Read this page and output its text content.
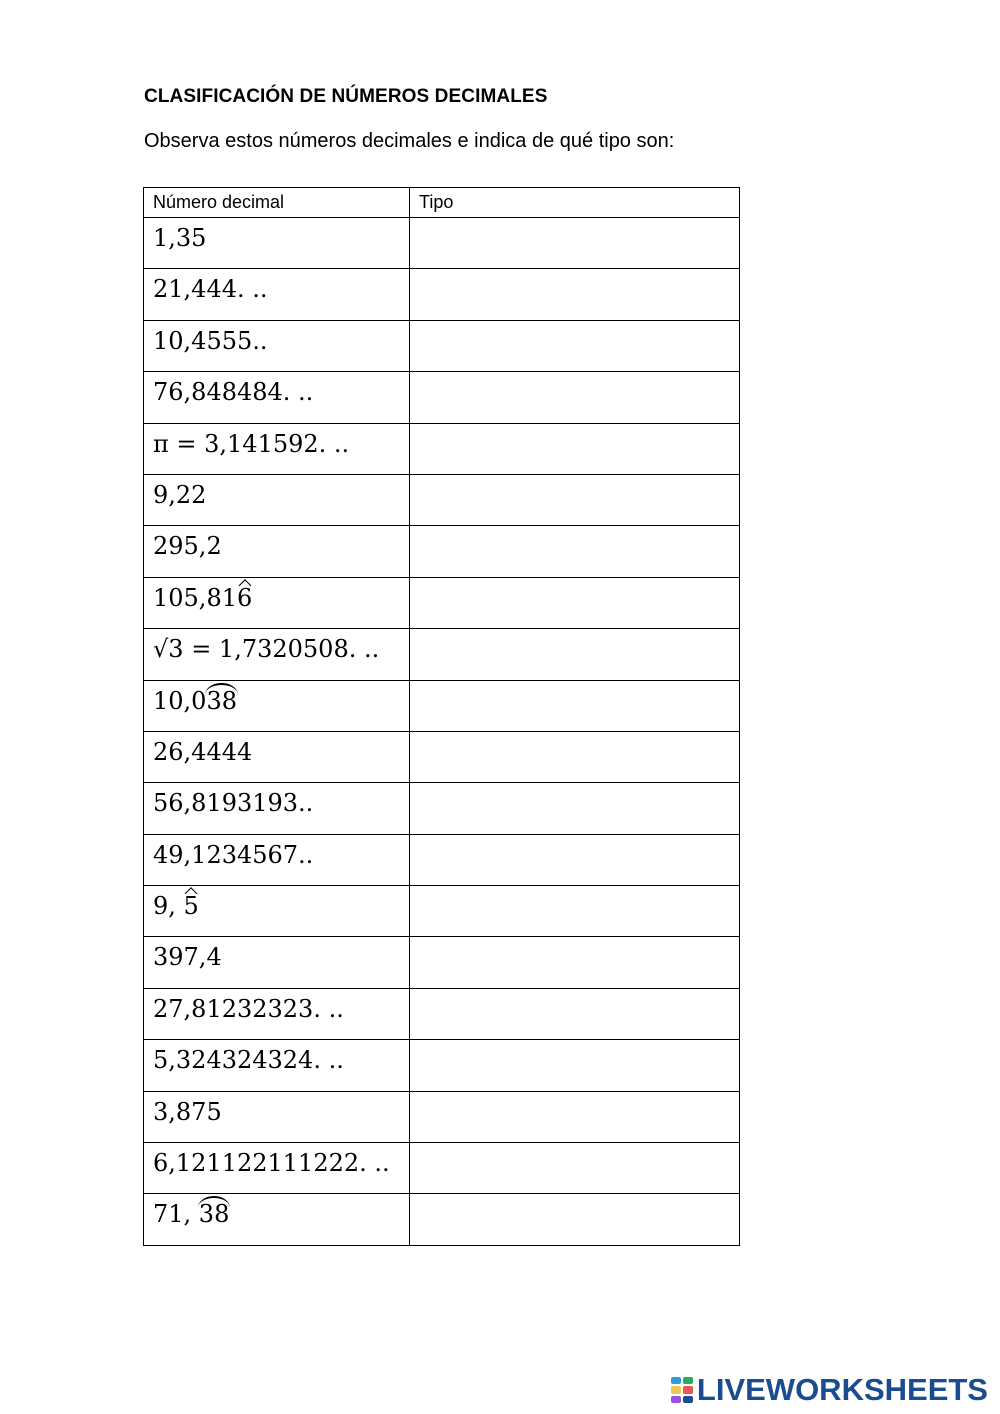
CLASIFICACIÓN DE NÚMEROS DECIMALES
Observa estos números decimales e indica de qué tipo son:
Número decimal	Tipo
1,35	
21,444. ..	
10,4555..	
76,848484. ..	
π = 3,141592. ..	
9,22	
295,2	
105,816	
√3 = 1,7320508. ..	
10,038	
26,4444	
56,8193193..	
49,1234567..	
9, 5	
397,4	
27,81232323. ..	
5,324324324. ..	
3,875	
6,121122111222. ..	
71, 38	
LIVEWORKSHEETS
